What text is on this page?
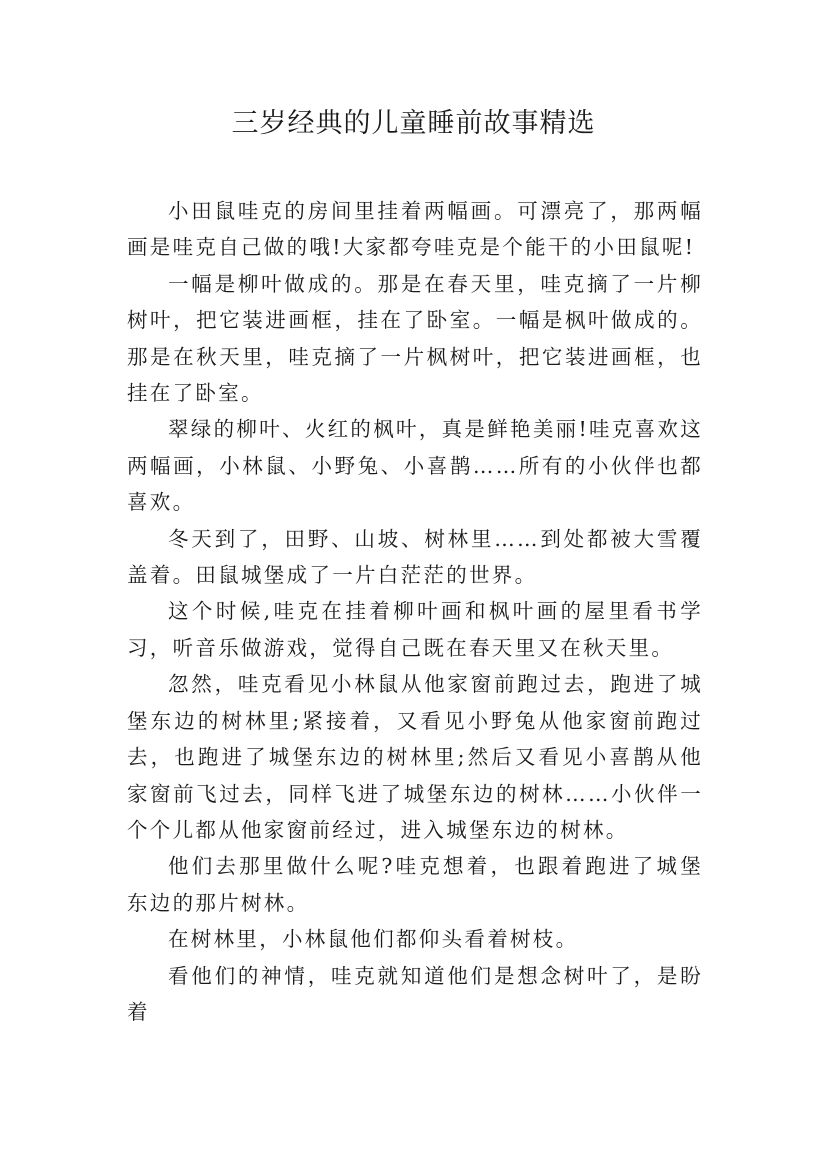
三岁经典的儿童睡前故事精选

小田鼠哇克的房间里挂着两幅画。可漂亮了，那两幅画是哇克自己做的哦!大家都夸哇克是个能干的小田鼠呢!

一幅是柳叶做成的。那是在春天里，哇克摘了一片柳树叶，把它装进画框，挂在了卧室。一幅是枫叶做成的。那是在秋天里，哇克摘了一片枫树叶，把它装进画框，也挂在了卧室。

翠绿的柳叶、火红的枫叶，真是鲜艳美丽!哇克喜欢这两幅画，小林鼠、小野兔、小喜鹊……所有的小伙伴也都喜欢。

冬天到了，田野、山坡、树林里……到处都被大雪覆盖着。田鼠城堡成了一片白茫茫的世界。

这个时候,哇克在挂着柳叶画和枫叶画的屋里看书学习，听音乐做游戏，觉得自己既在春天里又在秋天里。

忽然，哇克看见小林鼠从他家窗前跑过去，跑进了城堡东边的树林里;紧接着，又看见小野兔从他家窗前跑过去，也跑进了城堡东边的树林里;然后又看见小喜鹊从他家窗前飞过去，同样飞进了城堡东边的树林……小伙伴一个个儿都从他家窗前经过，进入城堡东边的树林。

他们去那里做什么呢?哇克想着，也跟着跑进了城堡东边的那片树林。

在树林里，小林鼠他们都仰头看着树枝。

看他们的神情，哇克就知道他们是想念树叶了，是盼着
